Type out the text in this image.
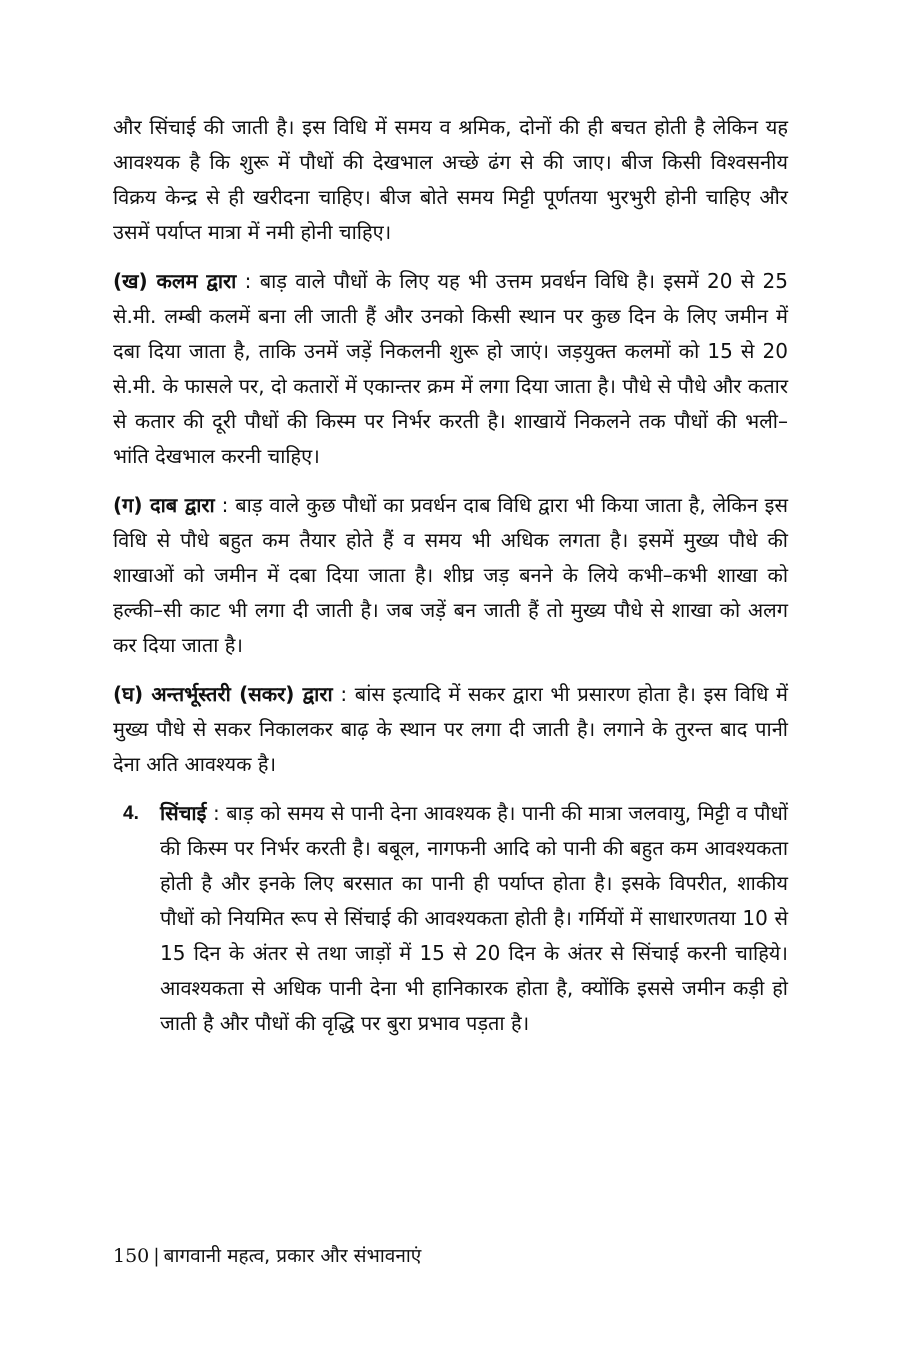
और सिंचाई की जाती है। इस विधि में समय व श्रमिक, दोनों की ही बचत होती है लेकिन यह आवश्यक है कि शुरू में पौधों की देखभाल अच्छे ढंग से की जाए। बीज किसी विश्वसनीय विक्रय केन्द्र से ही खरीदना चाहिए। बीज बोते समय मिट्टी पूर्णतया भुरभुरी होनी चाहिए और उसमें पर्याप्त मात्रा में नमी होनी चाहिए।

(ख) कलम द्वारा : बाड़ वाले पौधों के लिए यह भी उत्तम प्रवर्धन विधि है। इसमें 20 से 25 से.मी. लम्बी कलमें बना ली जाती हैं और उनको किसी स्थान पर कुछ दिन के लिए जमीन में दबा दिया जाता है, ताकि उनमें जड़ें निकलनी शुरू हो जाएं। जड़युक्त कलमों को 15 से 20 से.मी. के फासले पर, दो कतारों में एकान्तर क्रम में लगा दिया जाता है। पौधे से पौधे और कतार से कतार की दूरी पौधों की किस्म पर निर्भर करती है। शाखायें निकलने तक पौधों की भली–भांति देखभाल करनी चाहिए।

(ग) दाब द्वारा : बाड़ वाले कुछ पौधों का प्रवर्धन दाब विधि द्वारा भी किया जाता है, लेकिन इस विधि से पौधे बहुत कम तैयार होते हैं व समय भी अधिक लगता है। इसमें मुख्य पौधे की शाखाओं को जमीन में दबा दिया जाता है। शीघ्र जड़ बनने के लिये कभी–कभी शाखा को हल्की–सी काट भी लगा दी जाती है। जब जड़ें बन जाती हैं तो मुख्य पौधे से शाखा को अलग कर दिया जाता है।

(घ) अन्तर्भूस्तरी (सकर) द्वारा : बांस इत्यादि में सकर द्वारा भी प्रसारण होता है। इस विधि में मुख्य पौधे से सकर निकालकर बाढ़ के स्थान पर लगा दी जाती है। लगाने के तुरन्त बाद पानी देना अति आवश्यक है।

4. सिंचाई : बाड़ को समय से पानी देना आवश्यक है। पानी की मात्रा जलवायु, मिट्टी व पौधों की किस्म पर निर्भर करती है। बबूल, नागफनी आदि को पानी की बहुत कम आवश्यकता होती है और इनके लिए बरसात का पानी ही पर्याप्त होता है। इसके विपरीत, शाकीय पौधों को नियमित रूप से सिंचाई की आवश्यकता होती है। गर्मियों में साधारणतया 10 से 15 दिन के अंतर से तथा जाड़ों में 15 से 20 दिन के अंतर से सिंचाई करनी चाहिये।आवश्यकता से अधिक पानी देना भी हानिकारक होता है, क्योंकि इससे जमीन कड़ी हो जाती है और पौधों की वृद्धि पर बुरा प्रभाव पड़ता है।

150 | बागवानी महत्व, प्रकार और संभावनाएं
